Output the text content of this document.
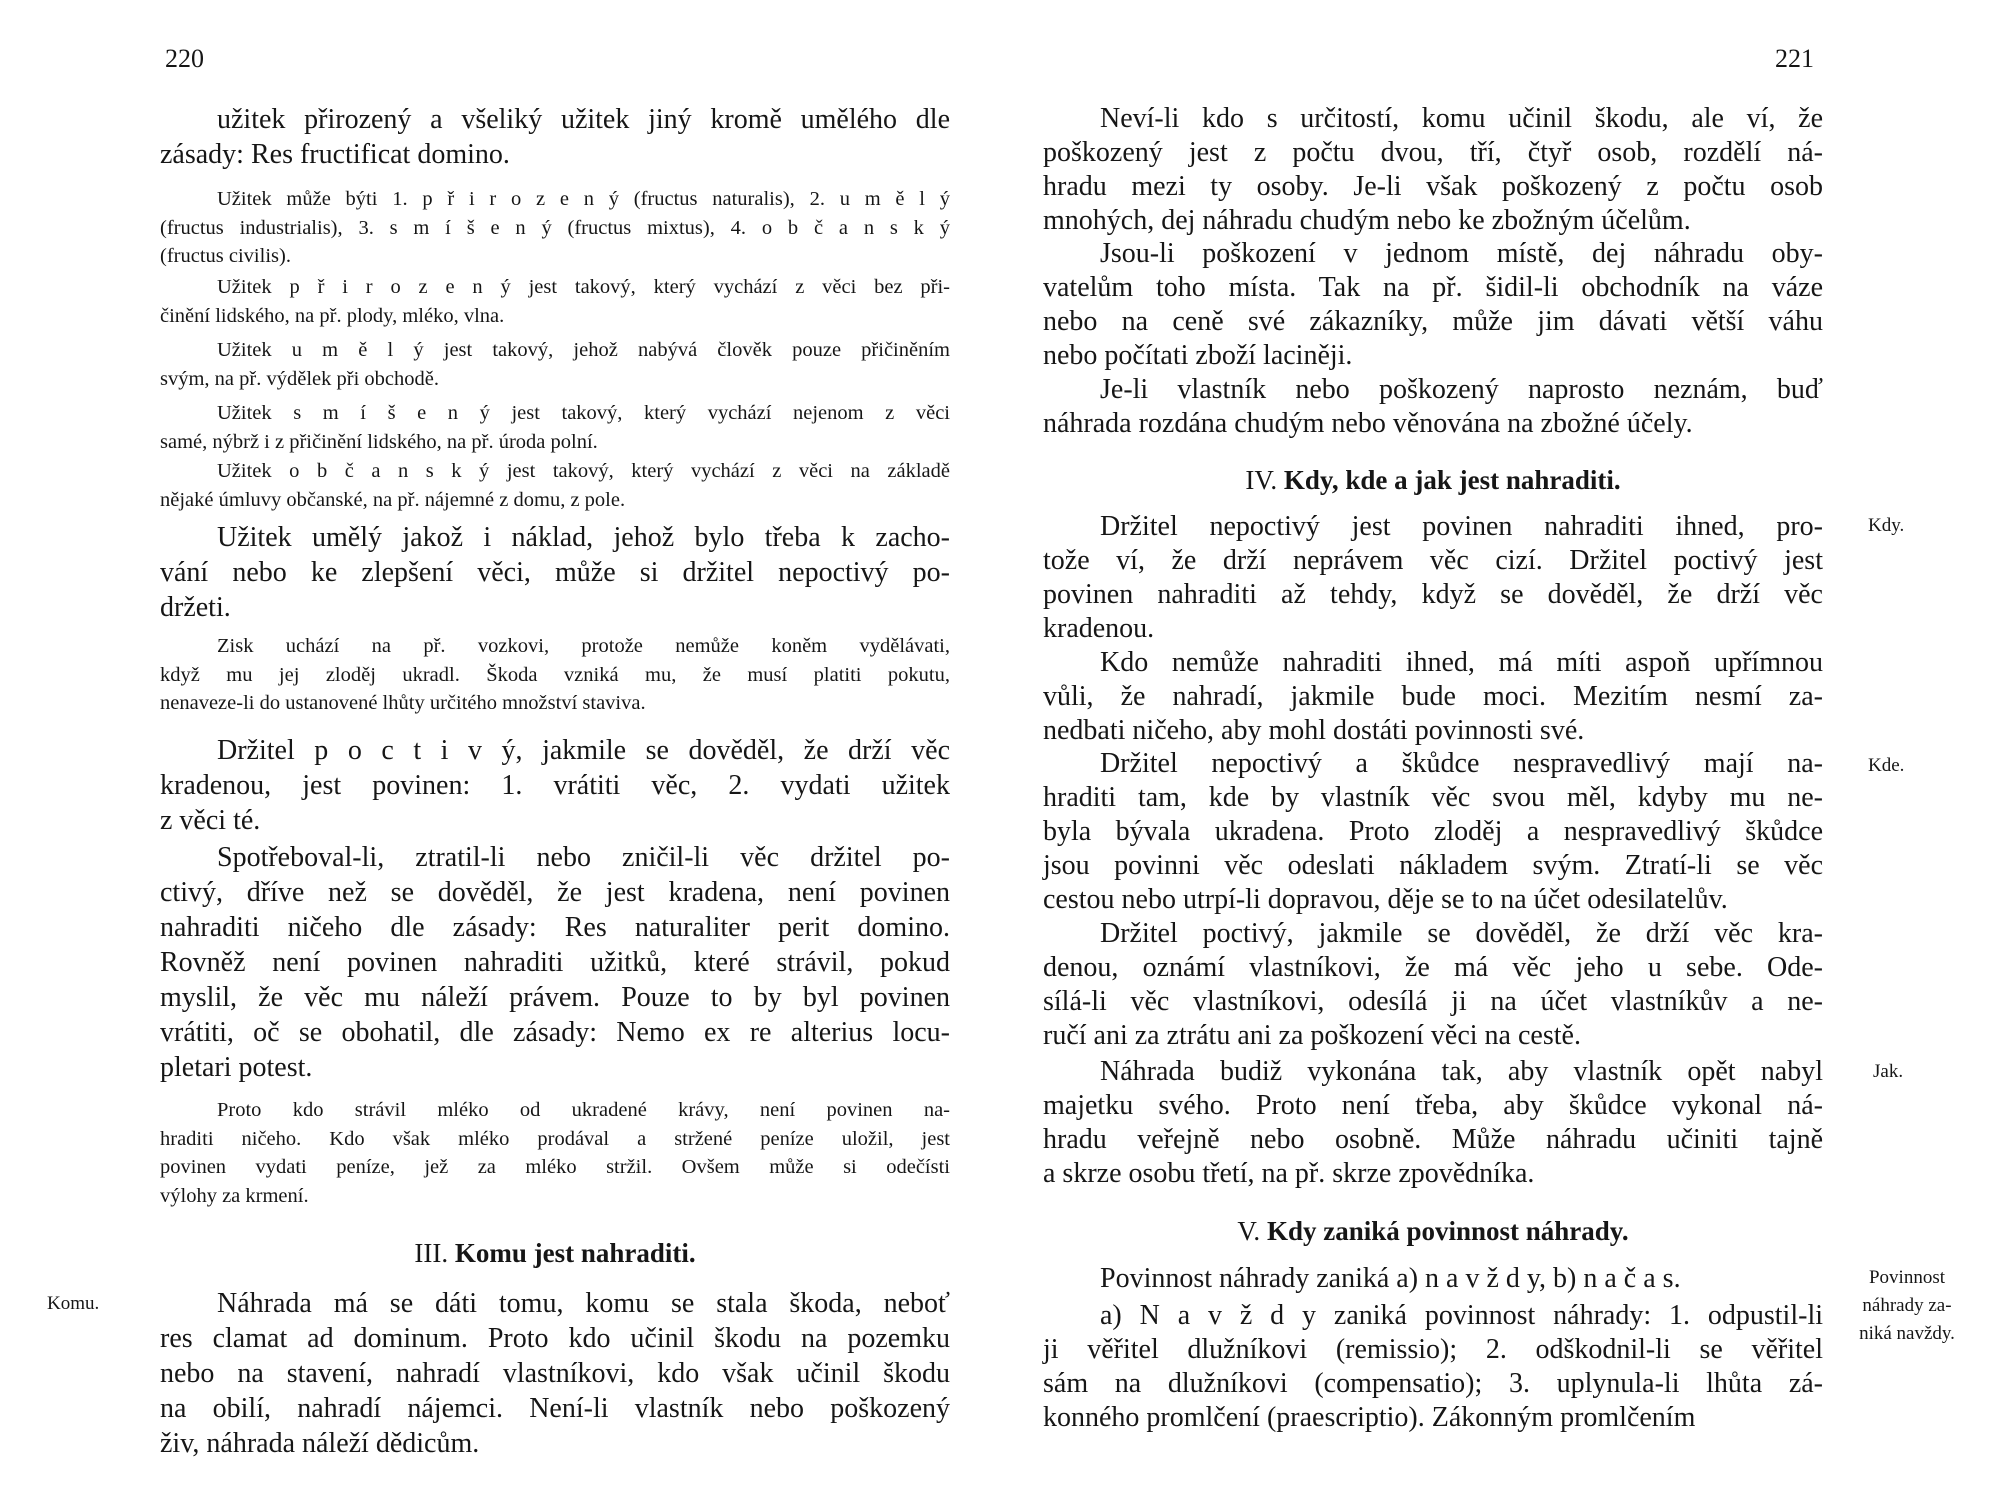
220
užitek přirozený a všeliký užitek jiný kromě umělého dle
zásady: Res fructificat domino.
Užitek může býti 1. p ř i r o z e n ý (fructus naturalis), 2. u m ě l ý
(fructus industrialis), 3. s m í š e n ý (fructus mixtus), 4. o b č a n s k ý
(fructus civilis).
Užitek p ř i r o z e n ý jest takový, který vychází z věci bez při-
činění lidského, na př. plody, mléko, vlna.
Užitek u m ě l ý jest takový, jehož nabývá člověk pouze přičiněním
svým, na př. výdělek při obchodě.
Užitek s m í š e n ý jest takový, který vychází nejenom z věci
samé, nýbrž i z přičinění lidského, na př. úroda polní.
Užitek o b č a n s k ý jest takový, který vychází z věci na základě
nějaké úmluvy občanské, na př. nájemné z domu, z pole.
Užitek umělý jakož i náklad, jehož bylo třeba k zacho-
vání nebo ke zlepšení věci, může si držitel nepoctivý po-
držeti.
Zisk uchází na př. vozkovi, protože nemůže koněm vydělávati,
když mu jej zloděj ukradl. Škoda vzniká mu, že musí platiti pokutu,
nenaveze-li do ustanovené lhůty určitého množství staviva.
Držitel p o c t i v ý, jakmile se dověděl, že drží věc
kradenou, jest povinen: 1. vrátiti věc, 2. vydati užitek
z věci té.
Spotřeboval-li, ztratil-li nebo zničil-li věc držitel po-
ctivý, dříve než se dověděl, že jest kradena, není povinen
nahraditi ničeho dle zásady: Res naturaliter perit domino.
Rovněž není povinen nahraditi užitků, které strávil, pokud
myslil, že věc mu náleží právem. Pouze to by byl povinen
vrátiti, oč se obohatil, dle zásady: Nemo ex re alterius locu-
pletari potest.
Proto kdo strávil mléko od ukradené krávy, není povinen na-
hraditi ničeho. Kdo však mléko prodával a stržené peníze uložil, jest
povinen vydati peníze, jež za mléko stržil. Ovšem může si odečísti
výlohy za krmení.
III. Komu jest nahraditi.
Náhrada má se dáti tomu, komu se stala škoda, neboť
res clamat ad dominum. Proto kdo učinil škodu na pozemku
nebo na stavení, nahradí vlastníkovi, kdo však učinil škodu
na obilí, nahradí nájemci. Není-li vlastník nebo poškozený
živ, náhrada náleží dědicům.
Komu.
221
Neví-li kdo s určitostí, komu učinil škodu, ale ví, že
poškozený jest z počtu dvou, tří, čtyř osob, rozdělí ná-
hradu mezi ty osoby. Je-li však poškozený z počtu osob
mnohých, dej náhradu chudým nebo ke zbožným účelům.
Jsou-li poškození v jednom místě, dej náhradu oby-
vatelům toho místa. Tak na př. šidil-li obchodník na váze
nebo na ceně své zákazníky, může jim dávati větší váhu
nebo počítati zboží laciněji.
Je-li vlastník nebo poškozený naprosto neznám, buď
náhrada rozdána chudým nebo věnována na zbožné účely.
IV. Kdy, kde a jak jest nahraditi.
Držitel nepoctivý jest povinen nahraditi ihned, pro-
tože ví, že drží neprávem věc cizí. Držitel poctivý jest
povinen nahraditi až tehdy, když se dověděl, že drží věc
kradenou.
Kdo nemůže nahraditi ihned, má míti aspoň upřímnou
vůli, že nahradí, jakmile bude moci. Mezitím nesmí za-
nedbati ničeho, aby mohl dostáti povinnosti své.
Držitel nepoctivý a škůdce nespravedlivý mají na-
hraditi tam, kde by vlastník věc svou měl, kdyby mu ne-
byla bývala ukradena. Proto zloděj a nespravedlivý škůdce
jsou povinni věc odeslati nákladem svým. Ztratí-li se věc
cestou nebo utrpí-li dopravou, děje se to na účet odesilatelův.
Držitel poctivý, jakmile se dověděl, že drží věc kra-
denou, oznámí vlastníkovi, že má věc jeho u sebe. Ode-
sílá-li věc vlastníkovi, odesílá ji na účet vlastníkův a ne-
ručí ani za ztrátu ani za poškození věci na cestě.
Náhrada budiž vykonána tak, aby vlastník opět nabyl
majetku svého. Proto není třeba, aby škůdce vykonal ná-
hradu veřejně nebo osobně. Může náhradu učiniti tajně
a skrze osobu třetí, na př. skrze zpovědníka.
V. Kdy zaniká povinnost náhrady.
Povinnost náhrady zaniká a) n a v ž d y, b) n a č a s.
a) N a v ž d y zaniká povinnost náhrady: 1. odpustil-li
ji věřitel dlužníkovi (remissio); 2. odškodnil-li se věřitel
sám na dlužníkovi (compensatio); 3. uplynula-li lhůta zá-
konného promlčení (praescriptio). Zákonným promlčením
Kdy.
Kde.
Jak.
Povinnost náhrady za- niká navždy.
